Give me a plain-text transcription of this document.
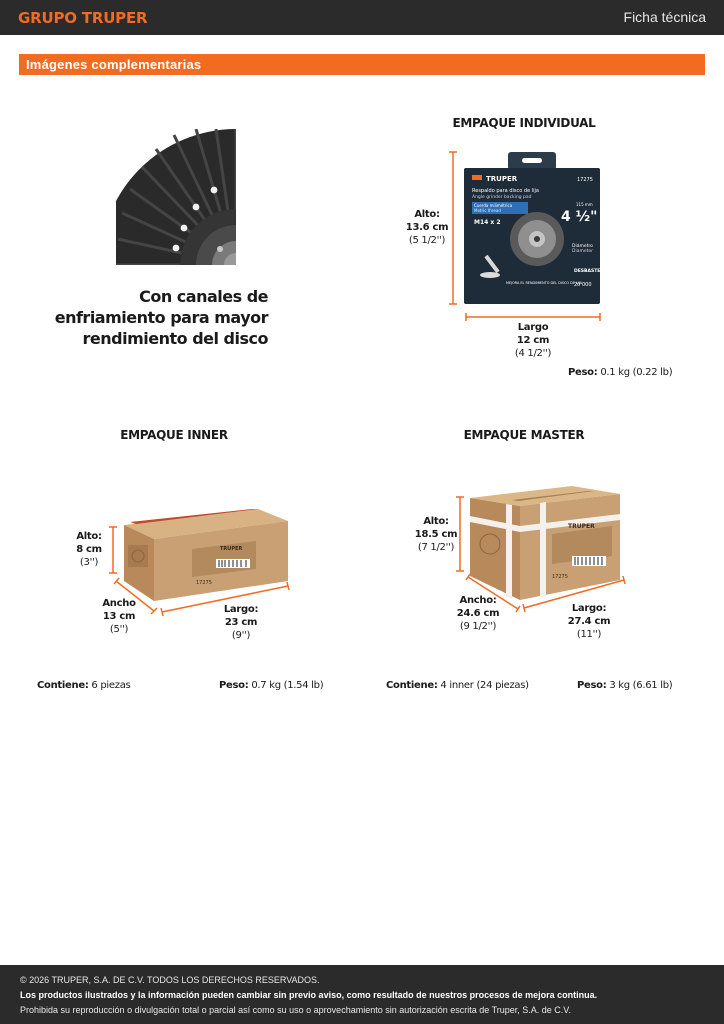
GRUPO TRUPER	Ficha técnica
Imágenes complementarias
Con canales de
enfriamiento para mayor
rendimiento del disco
EMPAQUE INDIVIDUAL
TRUPER	17275
Respaldo para disco de lija
Angle grinder backing pad
Cuerda milimétrica
Metric thread
M14 x 2	4 ½"
115 mm
Diámetro
Diameter
DESBASTE
20 000
MEJORA EL RENDIMIENTO DEL DISCO DE LIJA
Alto:
13.6 cm
(5 1/2'')
Largo
12 cm
(4 1/2'')
Peso: 0.1 kg (0.22 lb)
EMPAQUE INNER
TRUPER
17275
Alto:
8 cm
(3'')
Ancho
13 cm
(5'')
Largo:
23 cm
(9'')
Contiene: 6 piezas	Peso: 0.7 kg (1.54 lb)
EMPAQUE MASTER
TRUPER
17275
Alto:
18.5 cm
(7 1/2'')
Ancho:
24.6 cm
(9 1/2'')
Largo:
27.4 cm
(11'')
Contiene: 4 inner (24 piezas)	Peso: 3 kg (6.61 lb)
© 2026 TRUPER, S.A. DE C.V. TODOS LOS DERECHOS RESERVADOS.
Los productos ilustrados y la información pueden cambiar sin previo aviso, como resultado de nuestros procesos de mejora continua.
Prohibida su reproducción o divulgación total o parcial así como su uso o aprovechamiento sin autorización escrita de Truper, S.A. de C.V.
